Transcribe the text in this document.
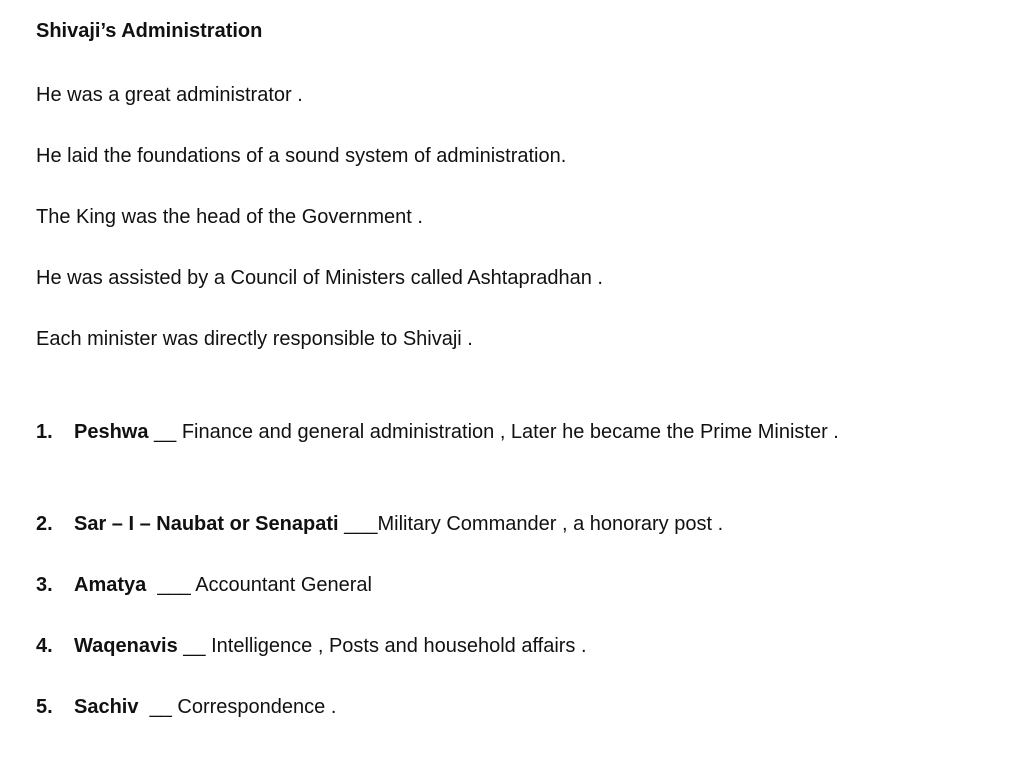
Shivaji’s Administration
He was a great administrator .
He laid the foundations of a sound system of administration.
The King was the head of the Government .
He was assisted by a Council of Ministers called Ashtapradhan .
Each minister was directly responsible to Shivaji .
1. Peshwa __ Finance and general administration , Later he became the Prime Minister .
2. Sar – I – Naubat or Senapati ___Military Commander , a honorary post .
3. Amatya  ___ Accountant General
4. Waqenavis __ Intelligence , Posts and household affairs .
5. Sachiv  __ Correspondence .
